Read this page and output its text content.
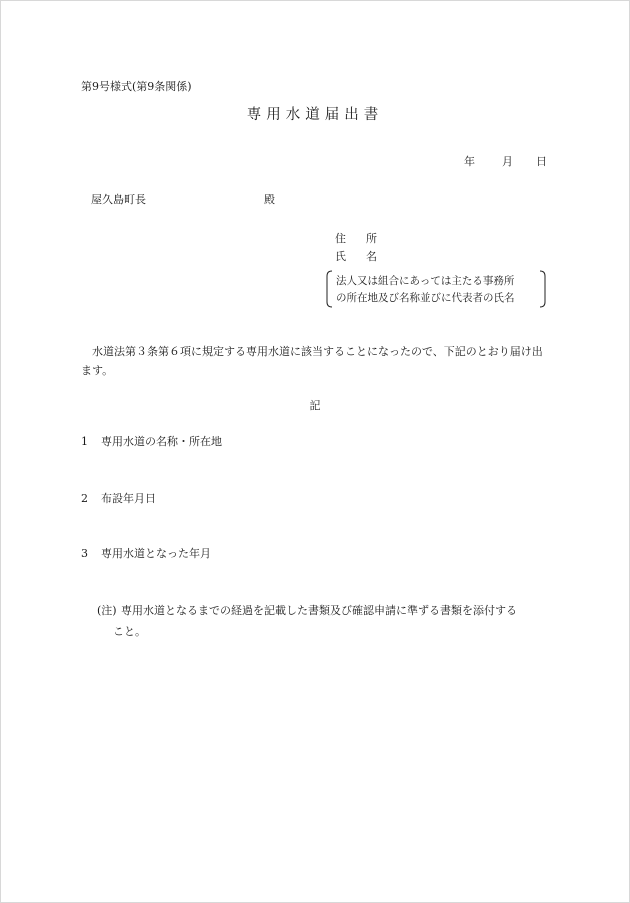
第9号様式(第9条関係)
専用水道届出書
年 月 日
屋久島町長	殿
住 所
氏 名
法人又は組合にあっては主たる事務所
の所在地及び名称並びに代表者の氏名
水道法第３条第６項に規定する専用水道に該当することになったので、下記のとおり届け出ます。
記
1 専用水道の名称・所在地
2 布設年月日
3 専用水道となった年月
(注) 専用水道となるまでの経過を記載した書類及び確認申請に準ずる書類を添付する
こと。
